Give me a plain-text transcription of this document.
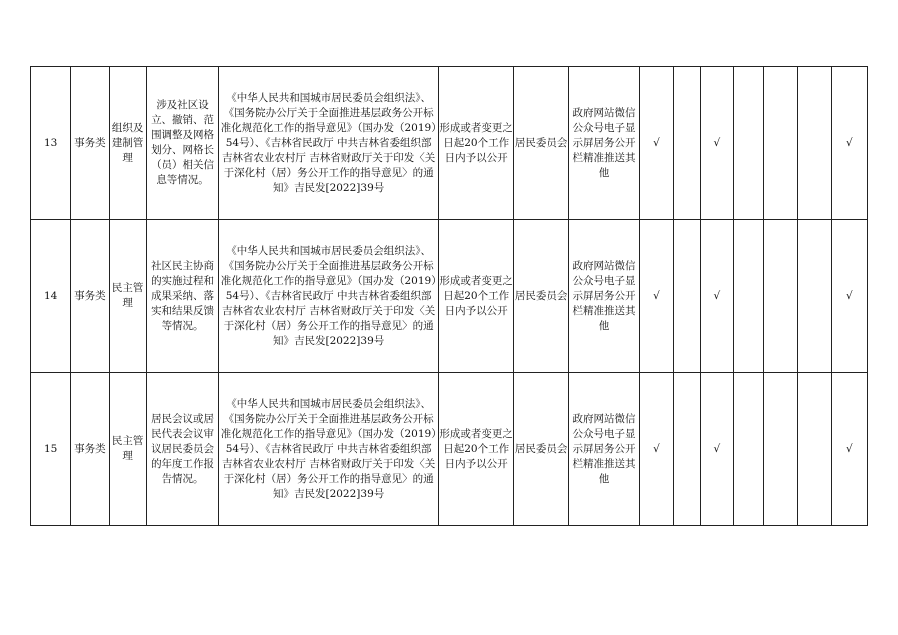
13	事务类	组织及建制管理	涉及社区设立、撤销、范围调整及网格划分、网格长（员）相关信息等情况。	《中华人民共和国城市居民委员会组织法》、《国务院办公厅关于全面推进基层政务公开标准化规范化工作的指导意见》（国办发（2019）54号）、《吉林省民政厅 中共吉林省委组织部 吉林省农业农村厅 吉林省财政厅关于印发〈关于深化村（居）务公开工作的指导意见〉的通知》吉民发[2022]39号	形成或者变更之日起20个工作日内予以公开	居民委员会	政府网站微信公众号电子显示屏居务公开栏精准推送其他	√		√				√
14	事务类	民主管理	社区民主协商的实施过程和成果采纳、落实和结果反馈等情况。	《中华人民共和国城市居民委员会组织法》、《国务院办公厅关于全面推进基层政务公开标准化规范化工作的指导意见》（国办发（2019）54号）、《吉林省民政厅 中共吉林省委组织部 吉林省农业农村厅 吉林省财政厅关于印发〈关于深化村（居）务公开工作的指导意见〉的通知》吉民发[2022]39号	形成或者变更之日起20个工作日内予以公开	居民委员会	政府网站微信公众号电子显示屏居务公开栏精准推送其他	√		√				√
15	事务类	民主管理	居民会议或居民代表会议审议居民委员会的年度工作报告情况。	《中华人民共和国城市居民委员会组织法》、《国务院办公厅关于全面推进基层政务公开标准化规范化工作的指导意见》（国办发（2019）54号）、《吉林省民政厅 中共吉林省委组织部 吉林省农业农村厅 吉林省财政厅关于印发〈关于深化村（居）务公开工作的指导意见〉的通知》吉民发[2022]39号	形成或者变更之日起20个工作日内予以公开	居民委员会	政府网站微信公众号电子显示屏居务公开栏精准推送其他	√		√				√
